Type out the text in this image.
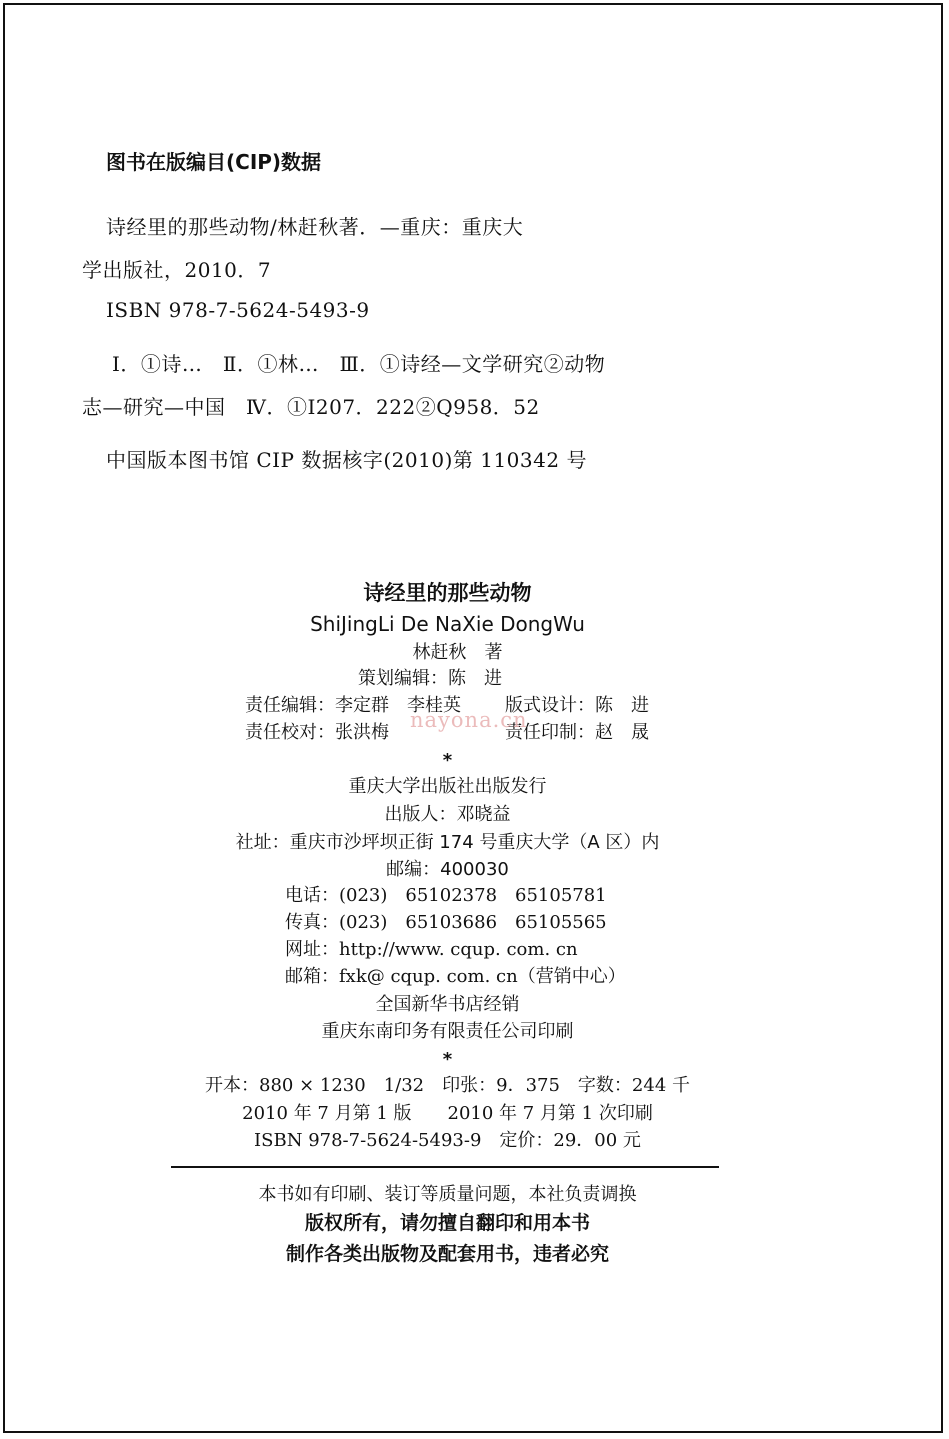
图书在版编目(CIP)数据
诗经里的那些动物/林赶秋著．—重庆：重庆大
学出版社，2010．7
ISBN 978-7-5624-5493-9
Ⅰ．①诗…　Ⅱ．①林…　Ⅲ．①诗经—文学研究②动物
志—研究—中国　Ⅳ．①I207．222②Q958．52
中国版本图书馆 CIP 数据核字(2010)第 110342 号
诗经里的那些动物
ShiJingLi De NaXie DongWu
林赶秋　著
策划编辑：陈　进
责任编辑：李定群　李桂英 版式设计：陈　进
责任校对：张洪梅	责任印制：赵　晟
nayona.cn
*
重庆大学出版社出版发行
出版人：邓晓益
社址：重庆市沙坪坝正街 174 号重庆大学（A 区）内
邮编：400030
电话：(023)　65102378　65105781
传真：(023)　65103686　65105565
网址：http://www. cqup. com. cn
邮箱：fxk@ cqup. com. cn（营销中心）
全国新华书店经销
重庆东南印务有限责任公司印刷
*
开本：880 × 1230　1/32　印张：9．375　字数：244 千
2010 年 7 月第 1 版　　2010 年 7 月第 1 次印刷
ISBN 978-7-5624-5493-9　定价：29．00 元
本书如有印刷、装订等质量问题，本社负责调换
版权所有，请勿擅自翻印和用本书
制作各类出版物及配套用书，违者必究
